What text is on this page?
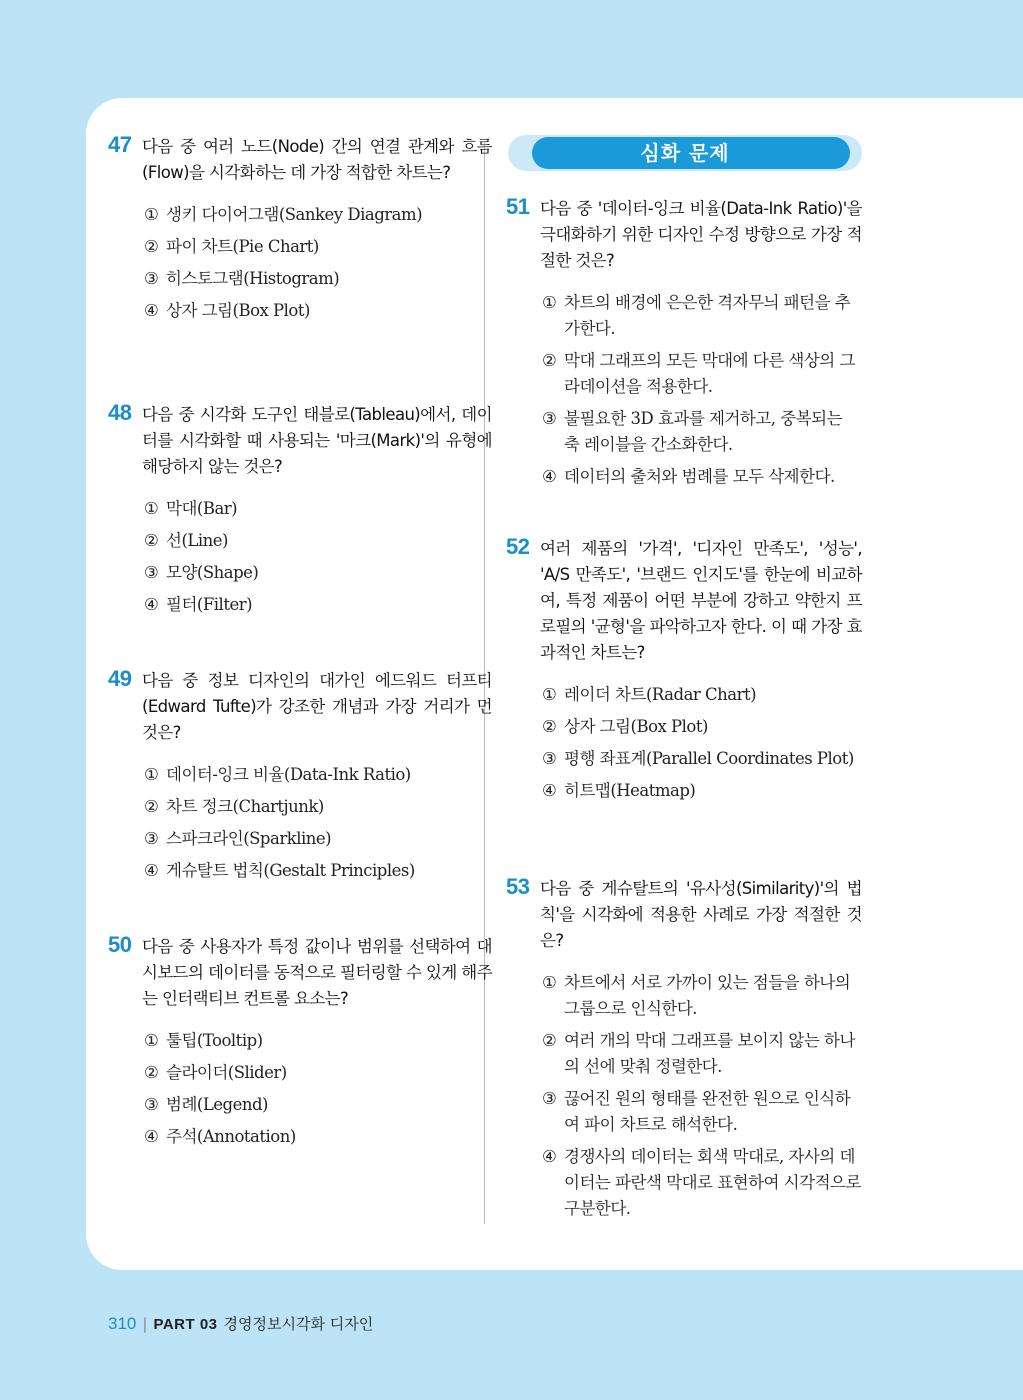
심화 문제
47 다음 중 여러 노드(Node) 간의 연결 관계와 흐름(Flow)을 시각화하는 데 가장 적합한 차트는?
① 생키 다이어그램(Sankey Diagram)
② 파이 차트(Pie Chart)
③ 히스토그램(Histogram)
④ 상자 그림(Box Plot)
48 다음 중 시각화 도구인 태블로(Tableau)에서, 데이터를 시각화할 때 사용되는 '마크(Mark)'의 유형에 해당하지 않는 것은?
① 막대(Bar)
② 선(Line)
③ 모양(Shape)
④ 필터(Filter)
49 다음 중 정보 디자인의 대가인 에드워드 터프티(Edward Tufte)가 강조한 개념과 가장 거리가 먼 것은?
① 데이터-잉크 비율(Data-Ink Ratio)
② 차트 정크(Chartjunk)
③ 스파크라인(Sparkline)
④ 게슈탈트 법칙(Gestalt Principles)
50 다음 중 사용자가 특정 값이나 범위를 선택하여 대시보드의 데이터를 동적으로 필터링할 수 있게 해주는 인터랙티브 컨트롤 요소는?
① 툴팁(Tooltip)
② 슬라이더(Slider)
③ 범례(Legend)
④ 주석(Annotation)
51 다음 중 '데이터-잉크 비율(Data-Ink Ratio)'을 극대화하기 위한 디자인 수정 방향으로 가장 적절한 것은?
① 차트의 배경에 은은한 격자무늬 패턴을 추가한다.
② 막대 그래프의 모든 막대에 다른 색상의 그라데이션을 적용한다.
③ 불필요한 3D 효과를 제거하고, 중복되는 축 레이블을 간소화한다.
④ 데이터의 출처와 범례를 모두 삭제한다.
52 여러 제품의 '가격', '디자인 만족도', '성능', 'A/S 만족도', '브랜드 인지도'를 한눈에 비교하여, 특정 제품이 어떤 부분에 강하고 약한지 프로필의 '균형'을 파악하고자 한다. 이 때 가장 효과적인 차트는?
① 레이더 차트(Radar Chart)
② 상자 그림(Box Plot)
③ 평행 좌표계(Parallel Coordinates Plot)
④ 히트맵(Heatmap)
53 다음 중 게슈탈트의 '유사성(Similarity)'의 법칙'을 시각화에 적용한 사례로 가장 적절한 것은?
① 차트에서 서로 가까이 있는 점들을 하나의 그룹으로 인식한다.
② 여러 개의 막대 그래프를 보이지 않는 하나의 선에 맞춰 정렬한다.
③ 끊어진 원의 형태를 완전한 원으로 인식하여 파이 차트로 해석한다.
④ 경쟁사의 데이터는 회색 막대로, 자사의 데이터는 파란색 막대로 표현하여 시각적으로 구분한다.
310 | PART 03 경영정보시각화 디자인
